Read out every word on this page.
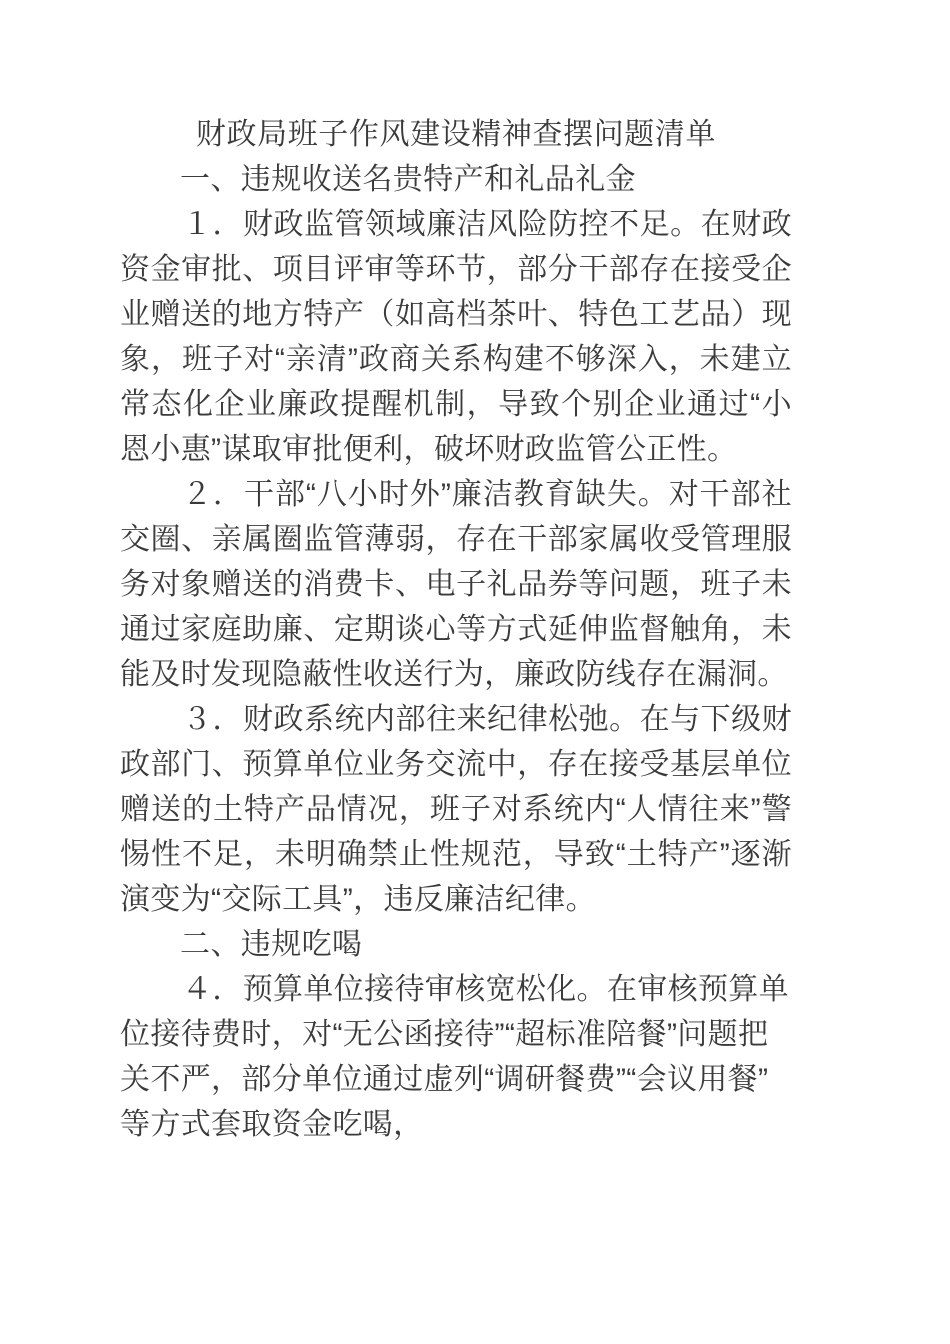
财政局班子作风建设精神查摆问题清单

一、违规收送名贵特产和礼品礼金

１．财政监管领域廉洁风险防控不足。在财政资金审批、项目评审等环节，部分干部存在接受企业赠送的地方特产（如高档茶叶、特色工艺品）现象，班子对“亲清”政商关系构建不够深入，未建立常态化企业廉政提醒机制，导致个别企业通过“小恩小惠”谋取审批便利，破坏财政监管公正性。

２．干部“八小时外”廉洁教育缺失。对干部社交圈、亲属圈监管薄弱，存在干部家属收受管理服务对象赠送的消费卡、电子礼品券等问题，班子未通过家庭助廉、定期谈心等方式延伸监督触角，未能及时发现隐蔽性收送行为，廉政防线存在漏洞。

３．财政系统内部往来纪律松弛。在与下级财政部门、预算单位业务交流中，存在接受基层单位赠送的土特产品情况，班子对系统内“人情往来”警惕性不足，未明确禁止性规范，导致“土特产”逐渐演变为“交际工具”，违反廉洁纪律。

二、违规吃喝

４．预算单位接待审核宽松化。在审核预算单位接待费时，对“无公函接待”“超标准陪餐”问题把关不严，部分单位通过虚列“调研餐费”“会议用餐”等方式套取资金吃喝，
